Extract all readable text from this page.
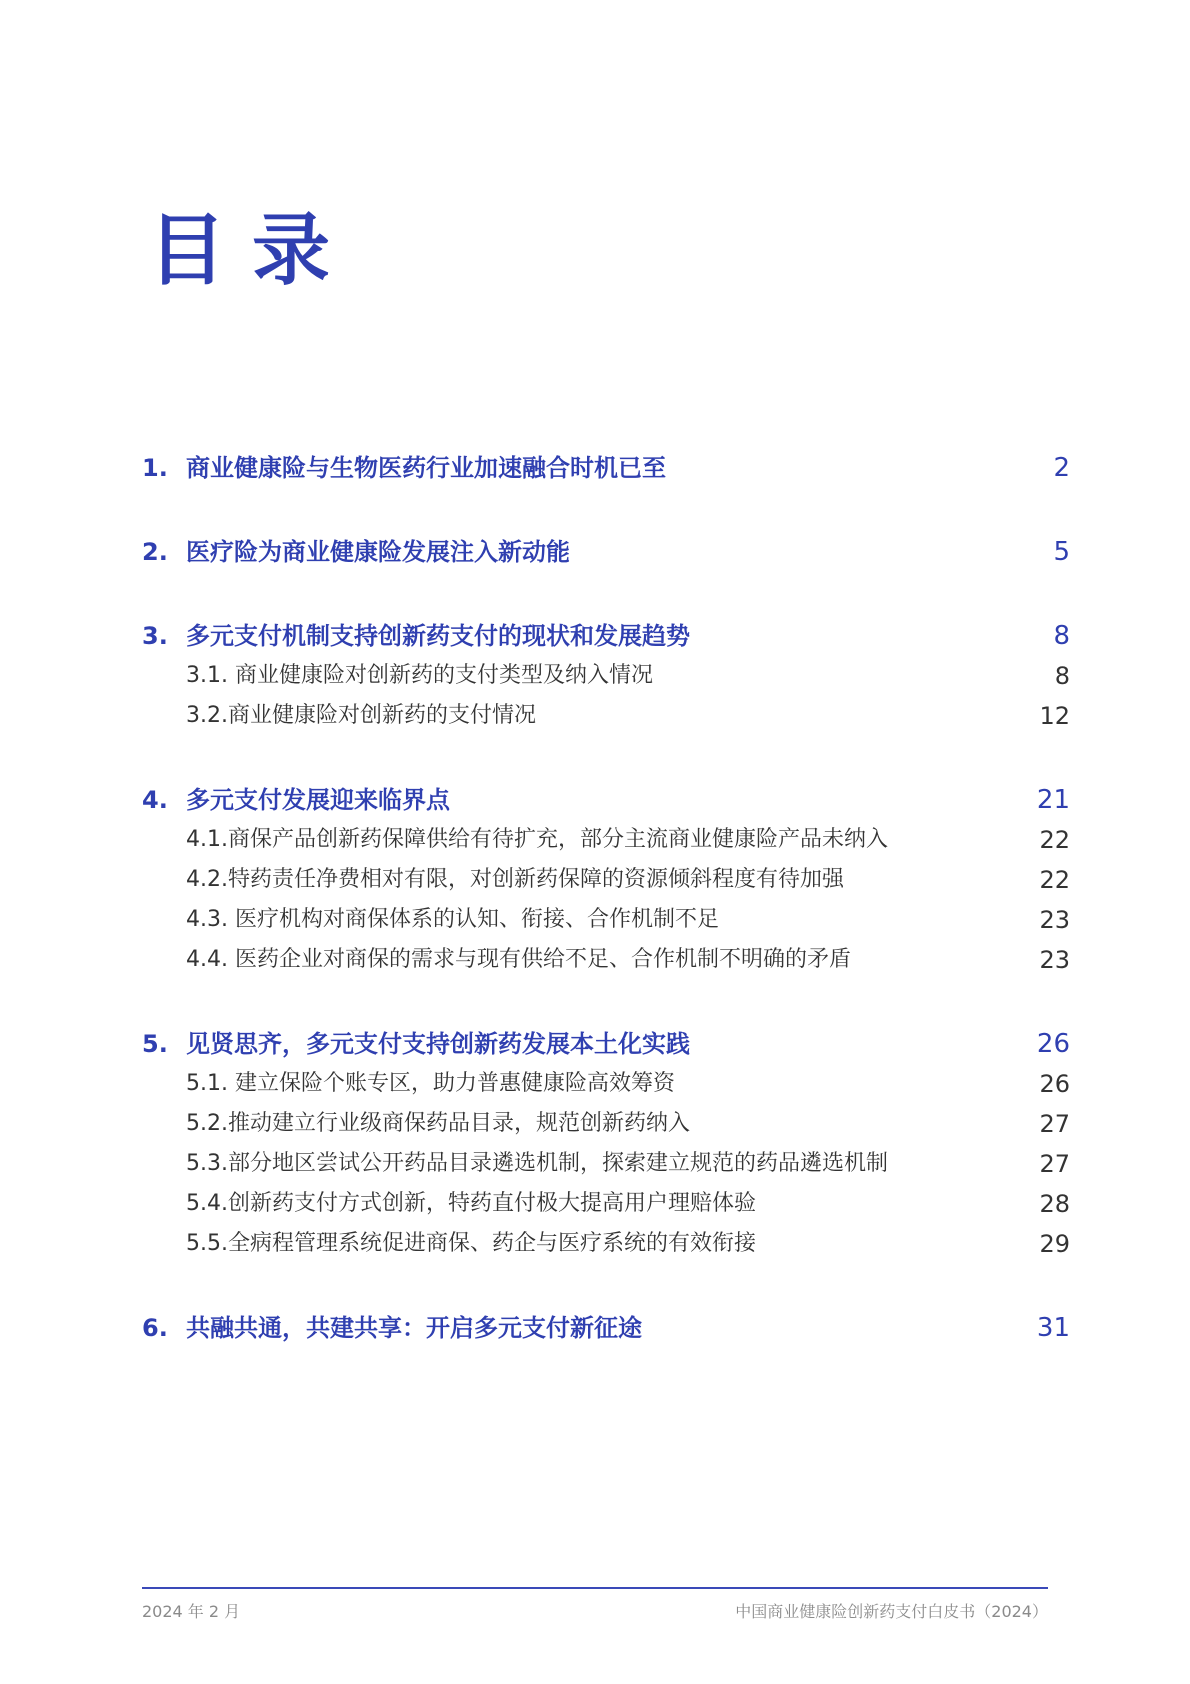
目录
1. 商业健康险与生物医药行业加速融合时机已至	2
2. 医疗险为商业健康险发展注入新动能	5
3. 多元支付机制支持创新药支付的现状和发展趋势	8
3.1. 商业健康险对创新药的支付类型及纳入情况	8
3.2.商业健康险对创新药的支付情况	12
4. 多元支付发展迎来临界点	21
4.1.商保产品创新药保障供给有待扩充，部分主流商业健康险产品未纳入	22
4.2.特药责任净费相对有限，对创新药保障的资源倾斜程度有待加强	22
4.3. 医疗机构对商保体系的认知、衔接、合作机制不足	23
4.4. 医药企业对商保的需求与现有供给不足、合作机制不明确的矛盾	23
5. 见贤思齐，多元支付支持创新药发展本土化实践	26
5.1. 建立保险个账专区，助力普惠健康险高效筹资	26
5.2.推动建立行业级商保药品目录，规范创新药纳入	27
5.3.部分地区尝试公开药品目录遴选机制，探索建立规范的药品遴选机制	27
5.4.创新药支付方式创新，特药直付极大提高用户理赔体验	28
5.5.全病程管理系统促进商保、药企与医疗系统的有效衔接	29
6. 共融共通，共建共享：开启多元支付新征途	31
2024 年 2 月	中国商业健康险创新药支付白皮书（2024）
